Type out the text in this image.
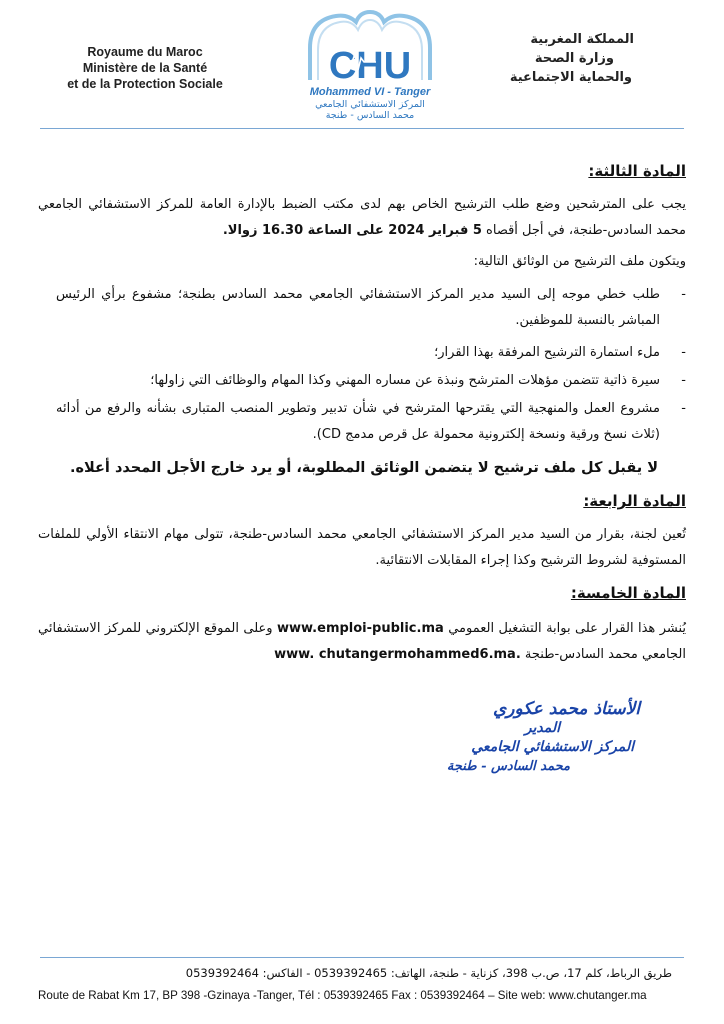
Royaume du Maroc
Ministère de la Santé
et de la Protection Sociale	CHU
Mohammed VI - Tanger
المركز الاستشفائي الجامعي
محمد السادس - طنجة
المملكة المغربية
وزارة الصحة
والحماية الاجتماعية
المادة الثالثة:
يجب على المترشحين وضع طلب الترشيح الخاص بهم لدى مكتب الضبط بالإدارة العامة للمركز الاستشفائي الجامعي محمد السادس-طنجة، في أجل أقصاه 5 فبراير 2024 على الساعة 16.30 زوالا.
ويتكون ملف الترشيح من الوثائق التالية:
-
طلب خطي موجه إلى السيد مدير المركز الاستشفائي الجامعي محمد السادس بطنجة؛ مشفوع برأي الرئيس المباشر بالنسبة للموظفين.
-
ملء استمارة الترشيح المرفقة بهذا القرار؛
-
سيرة ذاتية تتضمن مؤهلات المترشح ونبذة عن مساره المهني وكذا المهام والوظائف التي زاولها؛
-
مشروع العمل والمنهجية التي يقترحها المترشح في شأن تدبير وتطوير المنصب المتبارى بشأنه والرفع من أدائه (ثلاث نسخ ورقية ونسخة إلكترونية محمولة عل قرص مدمج CD).
لا يقبل كل ملف ترشيح لا يتضمن الوثائق المطلوبة، أو يرد خارج الأجل المحدد أعلاه.
المادة الرابعة:
تُعين لجنة، بقرار من السيد مدير المركز الاستشفائي الجامعي محمد السادس-طنجة، تتولى مهام الانتقاء الأولي للملفات المستوفية لشروط الترشيح وكذا إجراء المقابلات الانتقائية.
المادة الخامسة:
يُنشر هذا القرار على بوابة التشغيل العمومي www.emploi-public.ma وعلى الموقع الإلكتروني للمركز الاستشفائي الجامعي محمد السادس-طنجة www. chutangermohammed6.ma.
الأستاذ محمد عكوري
المدير
المركز الاستشفائي الجامعي
محمد السادس - طنجة
طريق الرباط، كلم 17، ص.ب 398، كزناية - طنجة، الهاتف: 0539392465 - الفاكس: 0539392464
Route de Rabat Km 17, BP 398 -Gzinaya -Tanger, Tél : 0539392465 Fax : 0539392464 – Site web: www.chutanger.ma
